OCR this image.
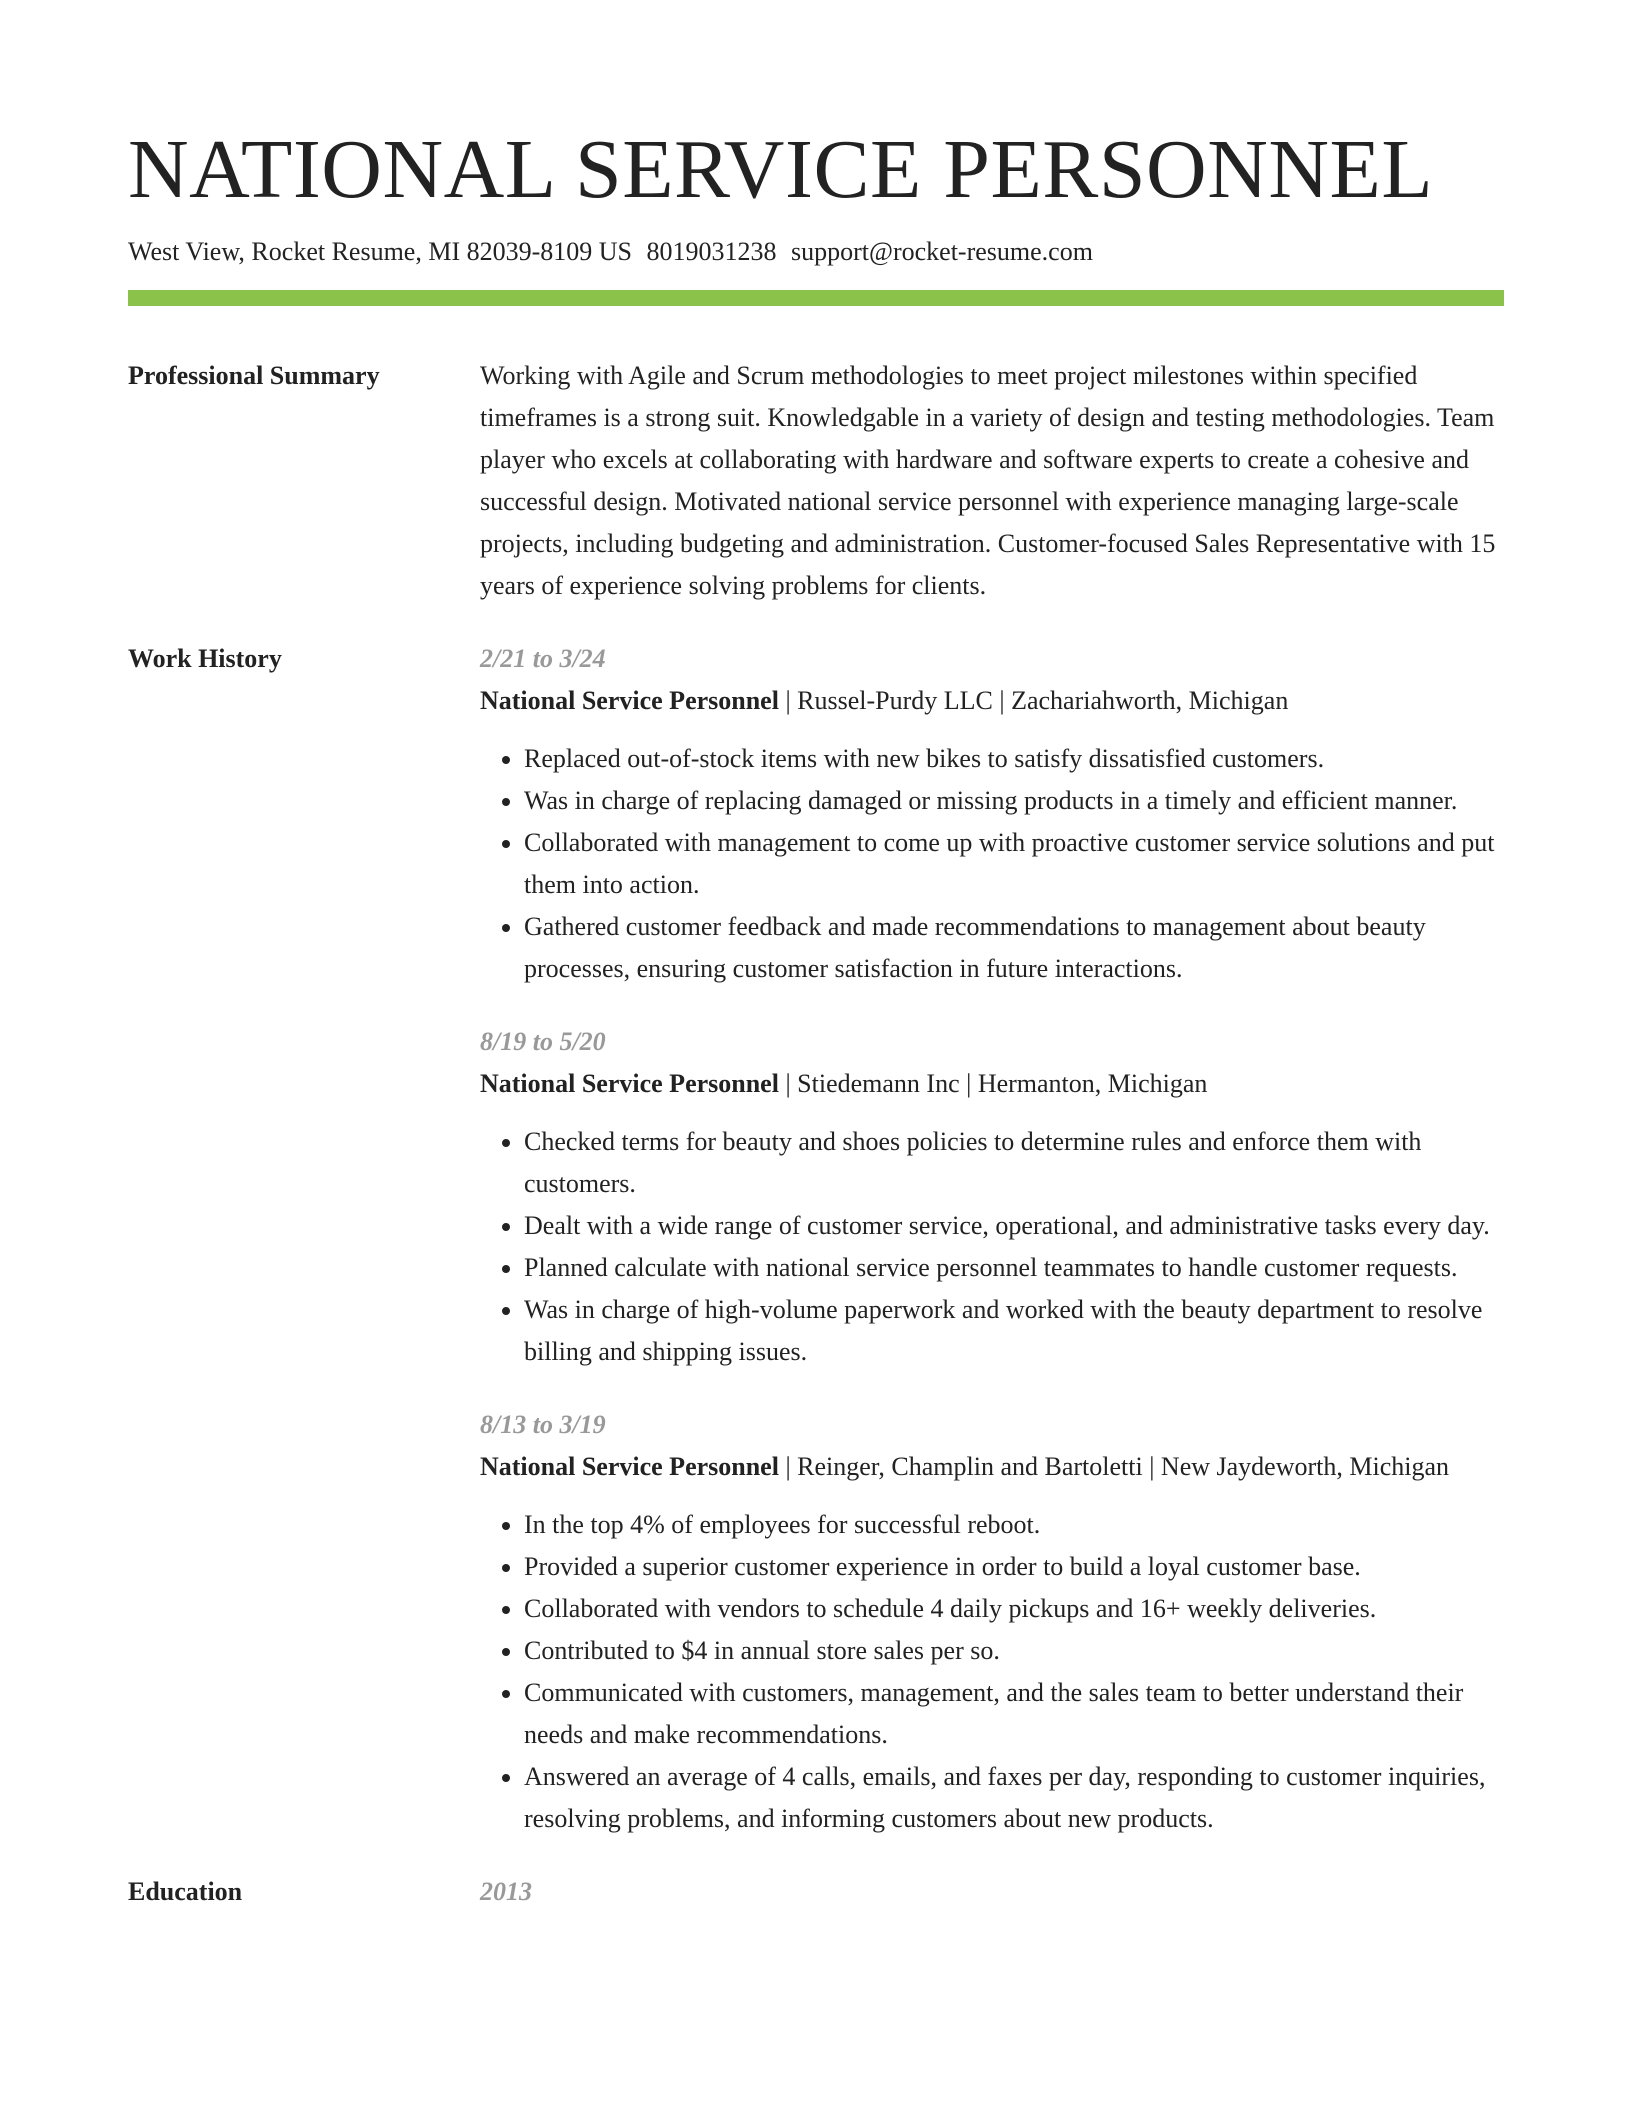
NATIONAL SERVICE PERSONNEL
West View, Rocket Resume, MI 82039-8109 US 8019031238 support@rocket-resume.com
Professional Summary	Working with Agile and Scrum methodologies to meet project milestones within specified timeframes is a strong suit. Knowledgable in a variety of design and testing methodologies. Team player who excels at collaborating with hardware and software experts to create a cohesive and successful design. Motivated national service personnel with experience managing large-scale projects, including budgeting and administration. Customer-focused Sales Representative with 15 years of experience solving problems for clients.

Work History	2/21 to 3/24
National Service Personnel | Russel-Purdy LLC | Zachariahworth, Michigan
• Replaced out-of-stock items with new bikes to satisfy dissatisfied customers.
• Was in charge of replacing damaged or missing products in a timely and efficient manner.
• Collaborated with management to come up with proactive customer service solutions and put them into action.
• Gathered customer feedback and made recommendations to management about beauty processes, ensuring customer satisfaction in future interactions.
8/19 to 5/20
National Service Personnel | Stiedemann Inc | Hermanton, Michigan
• Checked terms for beauty and shoes policies to determine rules and enforce them with customers.
• Dealt with a wide range of customer service, operational, and administrative tasks every day.
• Planned calculate with national service personnel teammates to handle customer requests.
• Was in charge of high-volume paperwork and worked with the beauty department to resolve billing and shipping issues.
8/13 to 3/19
National Service Personnel | Reinger, Champlin and Bartoletti | New Jaydeworth, Michigan
• In the top 4% of employees for successful reboot.
• Provided a superior customer experience in order to build a loyal customer base.
• Collaborated with vendors to schedule 4 daily pickups and 16+ weekly deliveries.
• Contributed to $4 in annual store sales per so.
• Communicated with customers, management, and the sales team to better understand their needs and make recommendations.
• Answered an average of 4 calls, emails, and faxes per day, responding to customer inquiries, resolving problems, and informing customers about new products.
Education	2013
